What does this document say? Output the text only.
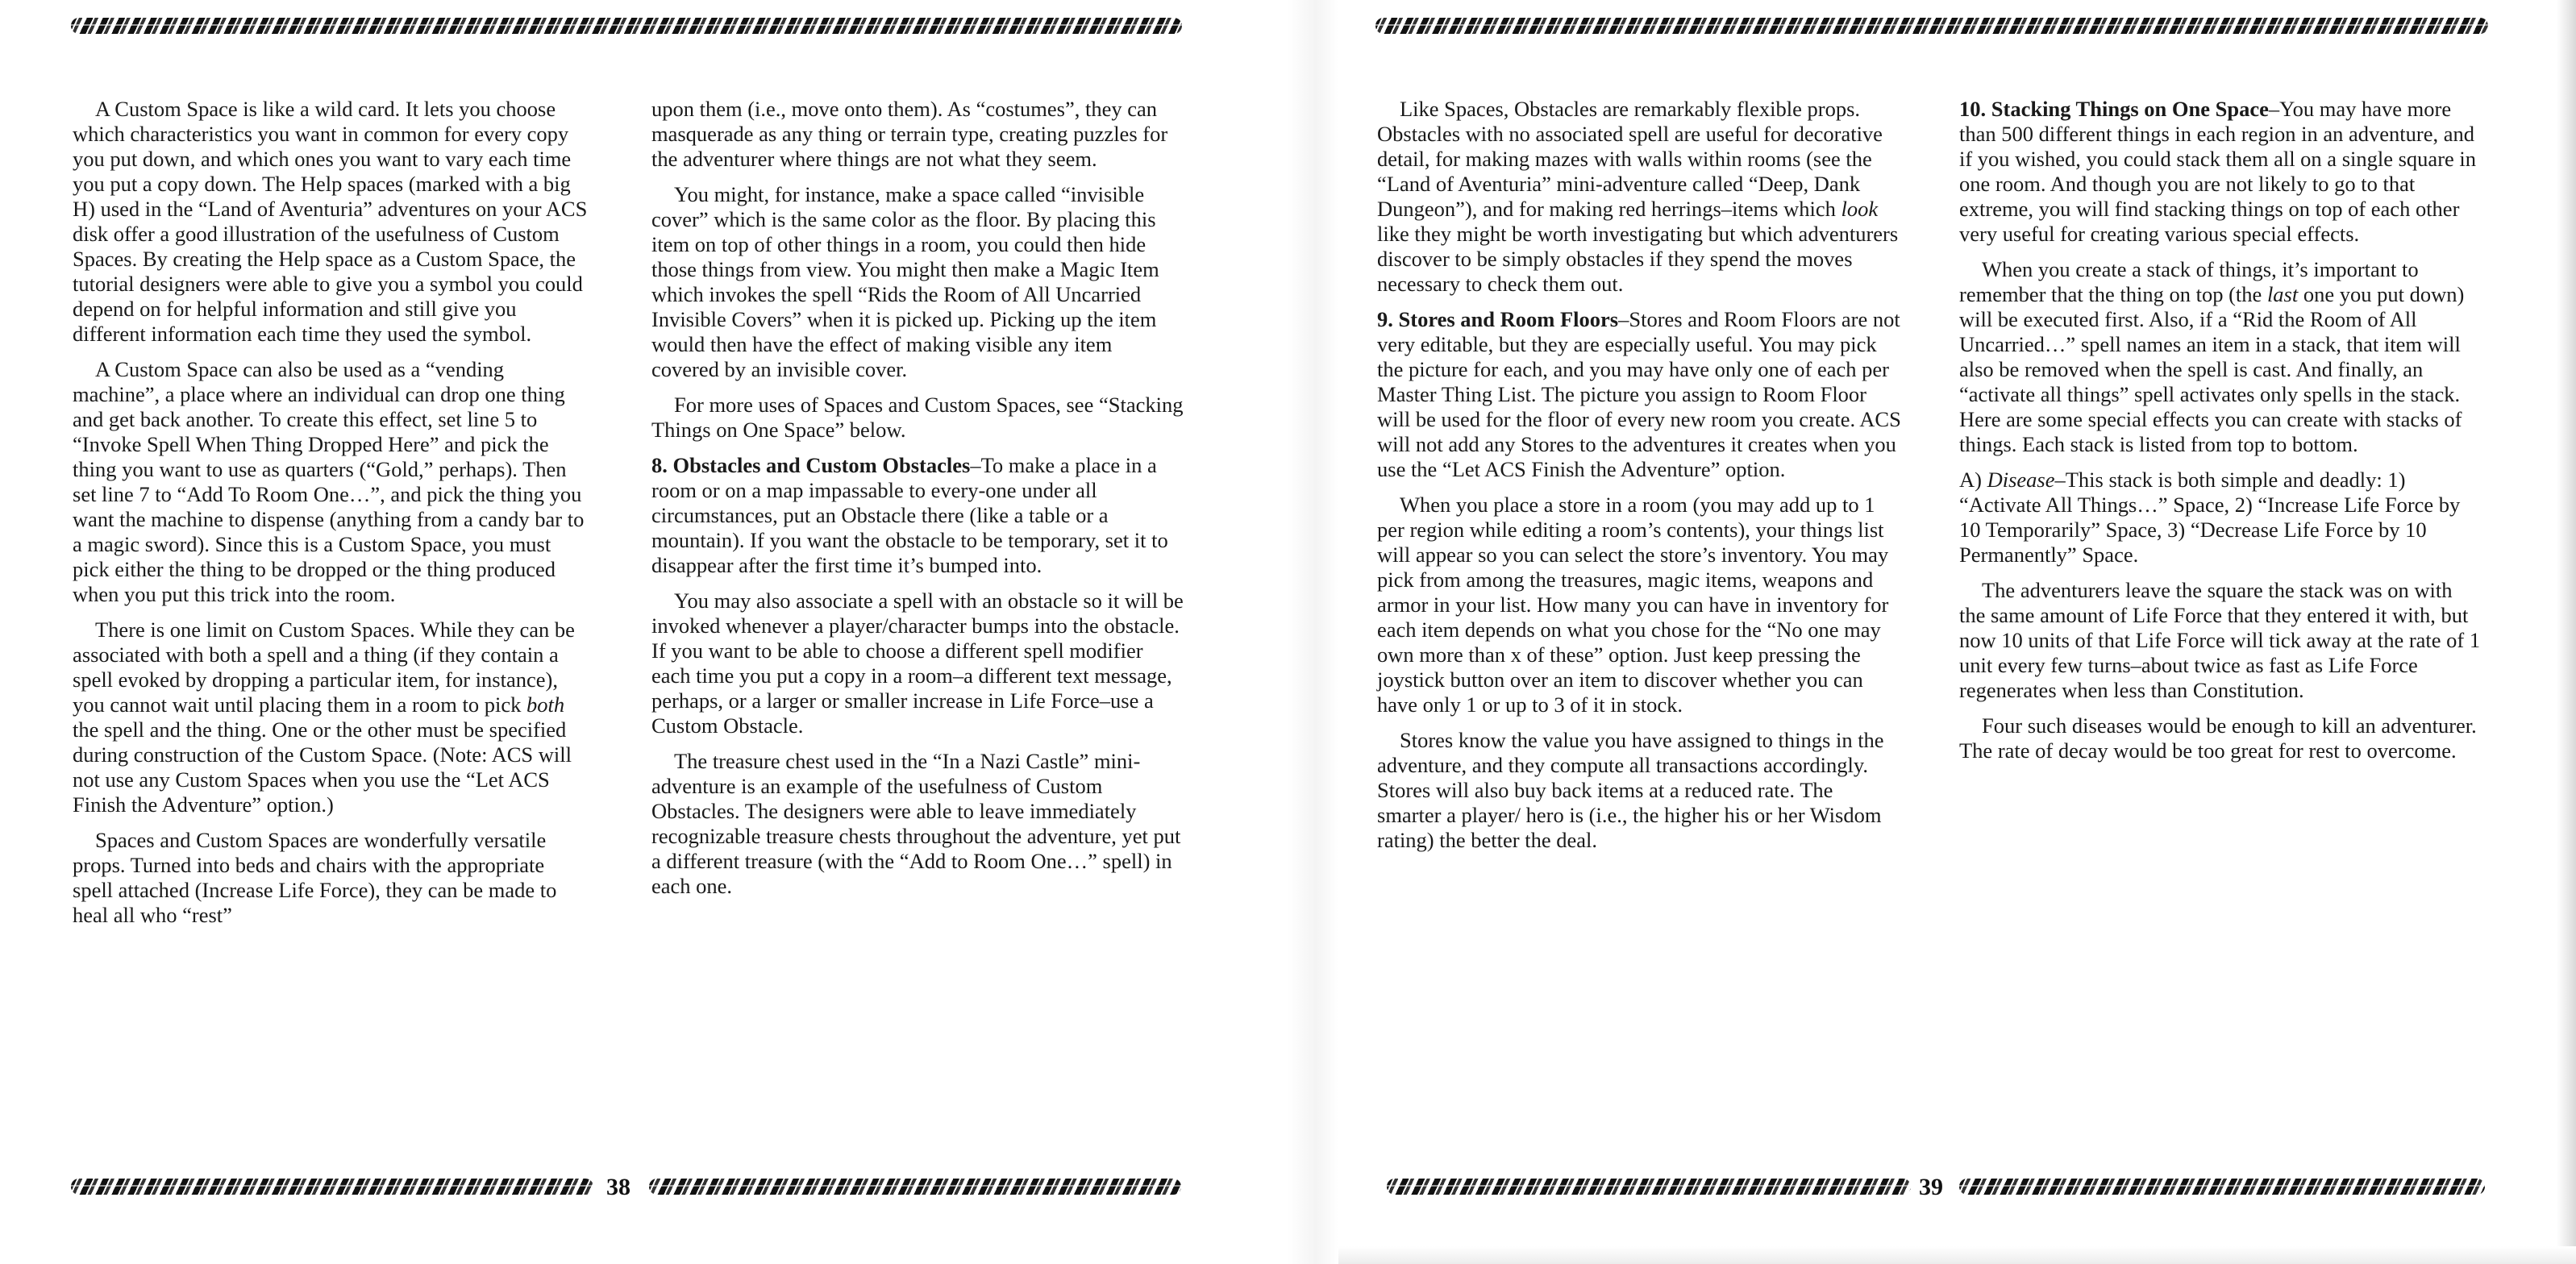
A Custom Space is like a wild card. It lets you choose which characteristics you want in common for every copy you put down, and which ones you want to vary each time you put a copy down. The Help spaces (marked with a big H) used in the “Land of Aventuria” adventures on your ACS disk offer a good illustration of the usefulness of Custom Spaces. By creating the Help space as a Custom Space, the tutorial designers were able to give you a symbol you could depend on for helpful information and still give you different information each time they used the symbol.

A Custom Space can also be used as a “vending machine”, a place where an individual can drop one thing and get back another. To create this effect, set line 5 to “Invoke Spell When Thing Dropped Here” and pick the thing you want to use as quarters (“Gold,” perhaps). Then set line 7 to “Add To Room One…”, and pick the thing you want the machine to dispense (anything from a candy bar to a magic sword). Since this is a Custom Space, you must pick either the thing to be dropped or the thing produced when you put this trick into the room.

There is one limit on Custom Spaces. While they can be associated with both a spell and a thing (if they contain a spell evoked by dropping a particular item, for instance), you cannot wait until placing them in a room to pick both the spell and the thing. One or the other must be specified during construction of the Custom Space. (Note: ACS will not use any Custom Spaces when you use the “Let ACS Finish the Adventure” option.)

Spaces and Custom Spaces are wonderfully versatile props. Turned into beds and chairs with the appropriate spell attached (Increase Life Force), they can be made to heal all who “rest”

upon them (i.e., move onto them). As “costumes”, they can masquerade as any thing or terrain type, creating puzzles for the adventurer where things are not what they seem.

You might, for instance, make a space called “invisible cover” which is the same color as the floor. By placing this item on top of other things in a room, you could then hide those things from view. You might then make a Magic Item which invokes the spell “Rids the Room of All Uncarried Invisible Covers” when it is picked up. Picking up the item would then have the effect of making visible any item covered by an invisible cover.

For more uses of Spaces and Custom Spaces, see “Stacking Things on One Space” below.

8. Obstacles and Custom Obstacles–To make a place in a room or on a map impassable to every-one under all circumstances, put an Obstacle there (like a table or a mountain). If you want the obstacle to be temporary, set it to disappear after the first time it’s bumped into.

You may also associate a spell with an obstacle so it will be invoked whenever a player/character bumps into the obstacle. If you want to be able to choose a different spell modifier each time you put a copy in a room–a different text message, perhaps, or a larger or smaller increase in Life Force–use a Custom Obstacle.

The treasure chest used in the “In a Nazi Castle” mini-adventure is an example of the usefulness of Custom Obstacles. The designers were able to leave immediately recognizable treasure chests throughout the adventure, yet put a different treasure (with the “Add to Room One…” spell) in each one.

38

Like Spaces, Obstacles are remarkably flexible props. Obstacles with no associated spell are useful for decorative detail, for making mazes with walls within rooms (see the “Land of Aventuria” mini-adventure called “Deep, Dank Dungeon”), and for making red herrings–items which look like they might be worth investigating but which adventurers discover to be simply obstacles if they spend the moves necessary to check them out.

9. Stores and Room Floors–Stores and Room Floors are not very editable, but they are especially useful. You may pick the picture for each, and you may have only one of each per Master Thing List. The picture you assign to Room Floor will be used for the floor of every new room you create. ACS will not add any Stores to the adventures it creates when you use the “Let ACS Finish the Adventure” option.

When you place a store in a room (you may add up to 1 per region while editing a room’s contents), your things list will appear so you can select the store’s inventory. You may pick from among the treasures, magic items, weapons and armor in your list. How many you can have in inventory for each item depends on what you chose for the “No one may own more than x of these” option. Just keep pressing the joystick button over an item to discover whether you can have only 1 or up to 3 of it in stock.

Stores know the value you have assigned to things in the adventure, and they compute all transactions accordingly. Stores will also buy back items at a reduced rate. The smarter a player/ hero is (i.e., the higher his or her Wisdom rating) the better the deal.

10. Stacking Things on One Space–You may have more than 500 different things in each region in an adventure, and if you wished, you could stack them all on a single square in one room. And though you are not likely to go to that extreme, you will find stacking things on top of each other very useful for creating various special effects.

When you create a stack of things, it’s important to remember that the thing on top (the last one you put down) will be executed first. Also, if a “Rid the Room of All Uncarried…” spell names an item in a stack, that item will also be removed when the spell is cast. And finally, an “activate all things” spell activates only spells in the stack. Here are some special effects you can create with stacks of things. Each stack is listed from top to bottom.

A) Disease–This stack is both simple and deadly: 1) “Activate All Things…” Space, 2) “Increase Life Force by 10 Temporarily” Space, 3) “Decrease Life Force by 10 Permanently” Space.

The adventurers leave the square the stack was on with the same amount of Life Force that they entered it with, but now 10 units of that Life Force will tick away at the rate of 1 unit every few turns–about twice as fast as Life Force regenerates when less than Constitution.

Four such diseases would be enough to kill an adventurer. The rate of decay would be too great for rest to overcome.

39
